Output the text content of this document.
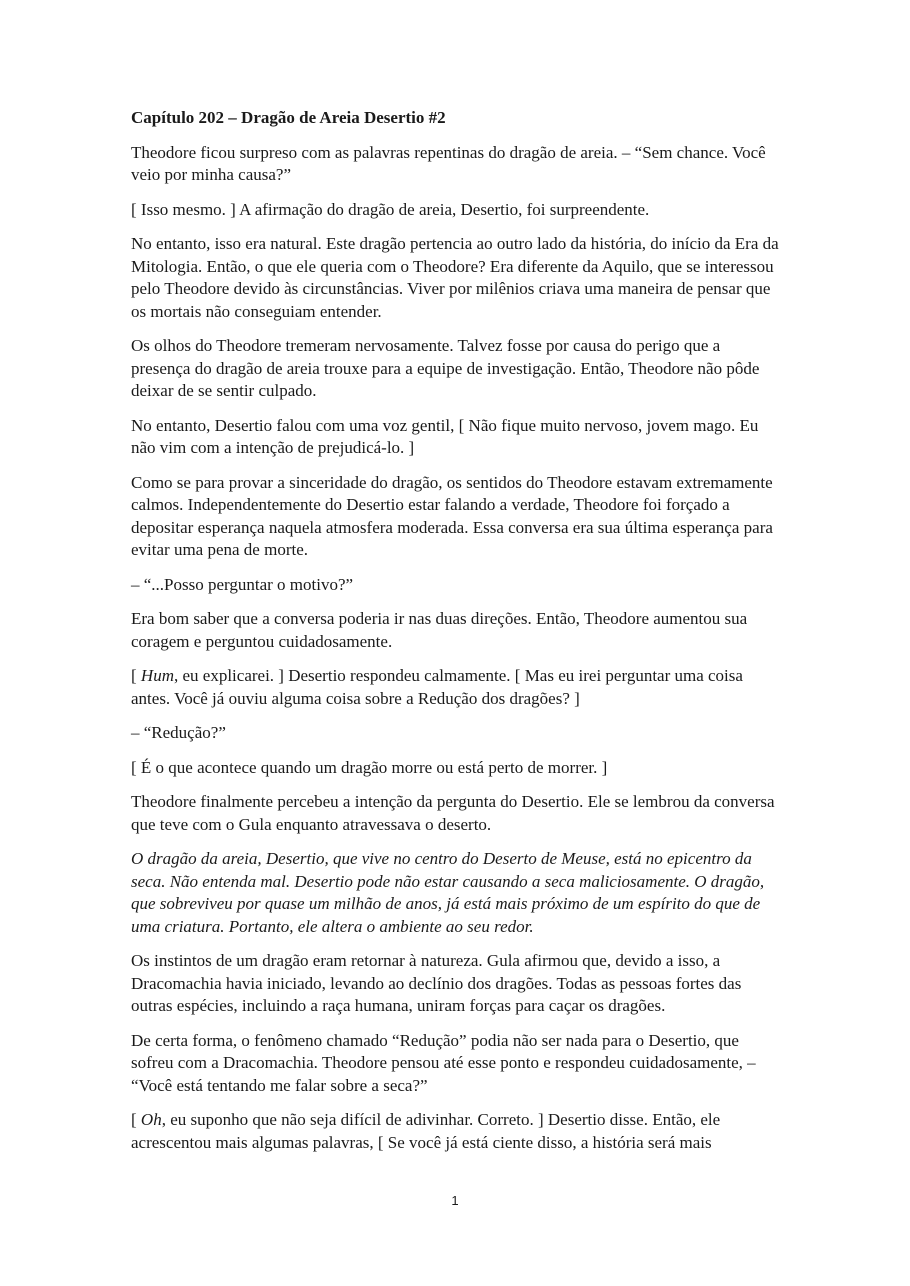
Capítulo 202 – Dragão de Areia Desertio #2

Theodore ficou surpreso com as palavras repentinas do dragão de areia. – “Sem chance. Você veio por minha causa?”

[ Isso mesmo. ] A afirmação do dragão de areia, Desertio, foi surpreendente.

No entanto, isso era natural. Este dragão pertencia ao outro lado da história, do início da Era da Mitologia. Então, o que ele queria com o Theodore? Era diferente da Aquilo, que se interessou pelo Theodore devido às circunstâncias. Viver por milênios criava uma maneira de pensar que os mortais não conseguiam entender.

Os olhos do Theodore tremeram nervosamente. Talvez fosse por causa do perigo que a presença do dragão de areia trouxe para a equipe de investigação. Então, Theodore não pôde deixar de se sentir culpado.

No entanto, Desertio falou com uma voz gentil, [ Não fique muito nervoso, jovem mago. Eu não vim com a intenção de prejudicá-lo. ]

Como se para provar a sinceridade do dragão, os sentidos do Theodore estavam extremamente calmos. Independentemente do Desertio estar falando a verdade, Theodore foi forçado a depositar esperança naquela atmosfera moderada. Essa conversa era sua última esperança para evitar uma pena de morte.

– “...Posso perguntar o motivo?”

Era bom saber que a conversa poderia ir nas duas direções. Então, Theodore aumentou sua coragem e perguntou cuidadosamente.

[ Hum, eu explicarei. ] Desertio respondeu calmamente. [ Mas eu irei perguntar uma coisa antes. Você já ouviu alguma coisa sobre a Redução dos dragões? ]

– “Redução?”

[ É o que acontece quando um dragão morre ou está perto de morrer. ]

Theodore finalmente percebeu a intenção da pergunta do Desertio. Ele se lembrou da conversa que teve com o Gula enquanto atravessava o deserto.

O dragão da areia, Desertio, que vive no centro do Deserto de Meuse, está no epicentro da seca. Não entenda mal. Desertio pode não estar causando a seca maliciosamente. O dragão, que sobreviveu por quase um milhão de anos, já está mais próximo de um espírito do que de uma criatura. Portanto, ele altera o ambiente ao seu redor.

Os instintos de um dragão eram retornar à natureza. Gula afirmou que, devido a isso, a Dracomachia havia iniciado, levando ao declínio dos dragões. Todas as pessoas fortes das outras espécies, incluindo a raça humana, uniram forças para caçar os dragões.

De certa forma, o fenômeno chamado “Redução” podia não ser nada para o Desertio, que sofreu com a Dracomachia. Theodore pensou até esse ponto e respondeu cuidadosamente, – “Você está tentando me falar sobre a seca?”

[ Oh, eu suponho que não seja difícil de adivinhar. Correto. ] Desertio disse. Então, ele acrescentou mais algumas palavras, [ Se você já está ciente disso, a história será mais

1
